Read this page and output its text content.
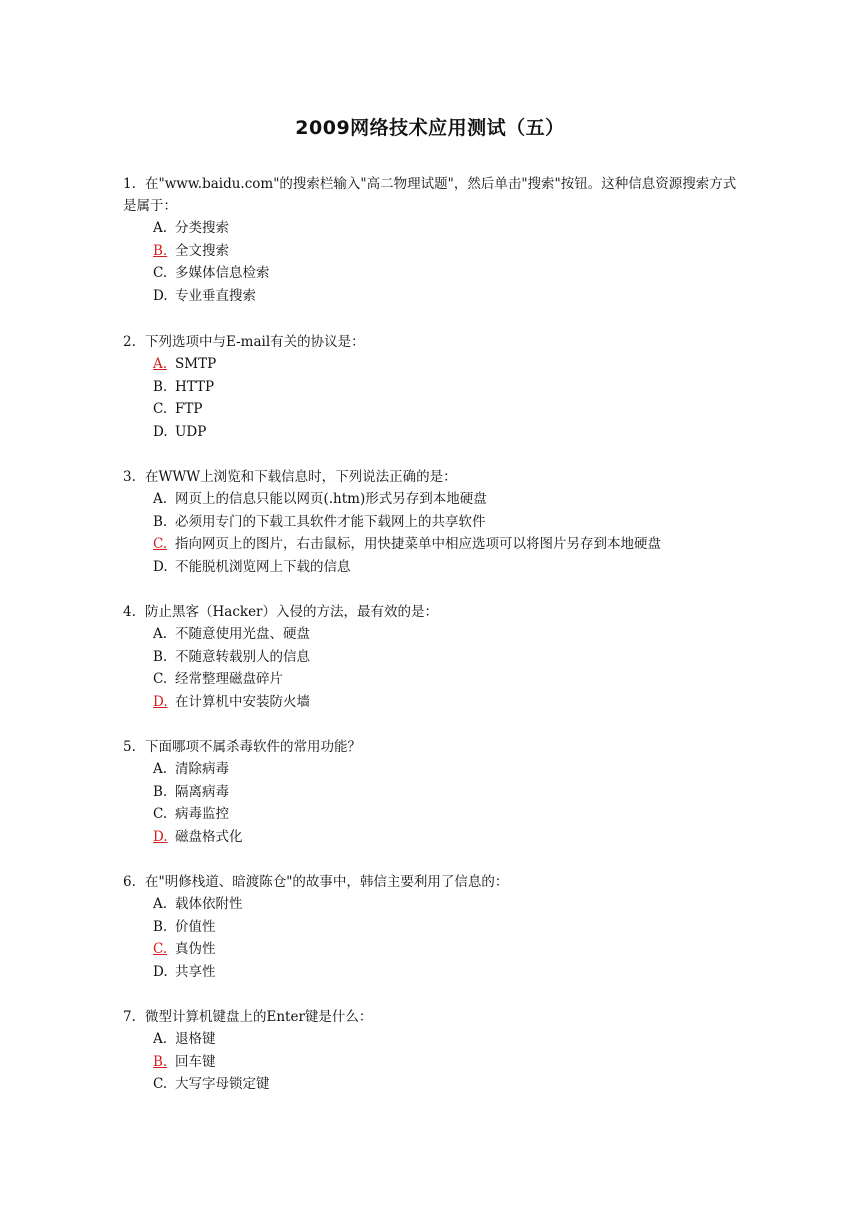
2009网络技术应用测试（五）

1. 在"www.baidu.com"的搜索栏输入"高二物理试题"，然后单击"搜索"按钮。这种信息资源搜索方式是属于：

A. 分类搜索
B. 全文搜索
C. 多媒体信息检索
D. 专业垂直搜索

2. 下列选项中与E-mail有关的协议是：

A. SMTP
B. HTTP
C. FTP
D. UDP

3. 在WWW上浏览和下载信息时，下列说法正确的是：

A. 网页上的信息只能以网页(.htm)形式另存到本地硬盘
B. 必须用专门的下载工具软件才能下载网上的共享软件
C. 指向网页上的图片，右击鼠标，用快捷菜单中相应选项可以将图片另存到本地硬盘
D. 不能脱机浏览网上下载的信息

4. 防止黑客（Hacker）入侵的方法，最有效的是：

A. 不随意使用光盘、硬盘
B. 不随意转载别人的信息
C. 经常整理磁盘碎片
D. 在计算机中安装防火墙

5. 下面哪项不属杀毒软件的常用功能？

A. 清除病毒
B. 隔离病毒
C. 病毒监控
D. 磁盘格式化

6. 在"明修栈道、暗渡陈仓"的故事中，韩信主要利用了信息的：

A. 载体依附性
B. 价值性
C. 真伪性
D. 共享性

7. 微型计算机键盘上的Enter键是什么：

A. 退格键
B. 回车键
C. 大写字母锁定键
